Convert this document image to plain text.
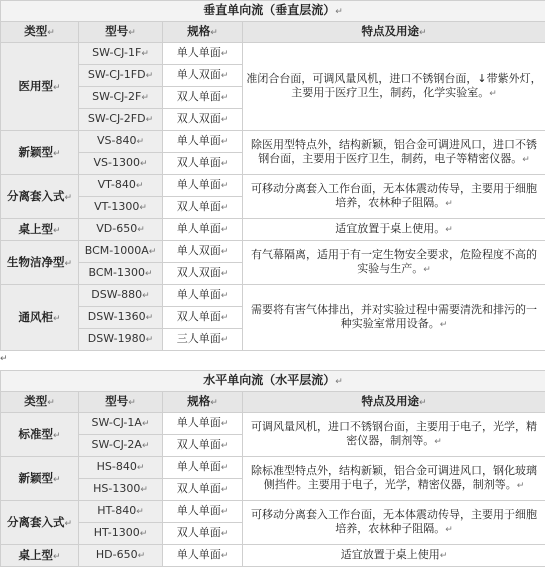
垂直单向流（垂直层流）↵			
类型↵	型号↵	规格↵	特点及用途↵
医用型↵	SW-CJ-1F↵	单人单面↵	准闭合台面，可调风量风机，进口不锈钢台面，↓带紫外灯，主要用于医疗卫生，制药，化学实验室。↵
	SW-CJ-1FD↵	单人双面↵	
	SW-CJ-2F↵	双人单面↵	
	SW-CJ-2FD↵	双人双面↵	
新颖型↵	VS-840↵	单人单面↵	除医用型特点外，结构新颖，铝合金可调进风口，进口不锈钢台面，主要用于医疗卫生，制药，电子等精密仪器。↵
	VS-1300↵	双人单面↵	
分离套入式↵	VT-840↵	单人单面↵	可移动分离套入工作台面，无本体震动传导，主要用于细胞培养，农林种子阻隔。↵
	VT-1300↵	双人单面↵	
桌上型↵	VD-650↵	单人单面↵	适宜放置于桌上使用。↵
生物洁净型↵	BCM-1000A↵	单人双面↵	有气幕隔离，适用于有一定生物安全要求，危险程度不高的实验与生产。↵
	BCM-1300↵	双人双面↵	
通风柜↵	DSW-880↵	单人单面↵	需要将有害气体排出，并对实验过程中需要清洗和排污的一种实验室常用设备。↵
	DSW-1360↵	双人单面↵	
	DSW-1980↵	三人单面↵	
↵
水平单向流（水平层流）↵			
类型↵	型号↵	规格↵	特点及用途↵
标准型↵	SW-CJ-1A↵	单人单面↵	可调风量风机，进口不锈钢台面，主要用于电子，光学，精密仪器，制剂等。↵
	SW-CJ-2A↵	双人单面↵	
新颖型↵	HS-840↵	单人单面↵	除标准型特点外，结构新颖，铝合金可调进风口，钢化玻璃侧挡件。主要用于电子，光学，精密仪器，制剂等。↵
	HS-1300↵	双人单面↵	
分离套入式↵	HT-840↵	单人单面↵	可移动分离套入工作台面，无本体震动传导，主要用于细胞培养，农林种子阻隔。↵
	HT-1300↵	双人单面↵	
桌上型↵	HD-650↵	单人单面↵	适宜放置于桌上使用↵
